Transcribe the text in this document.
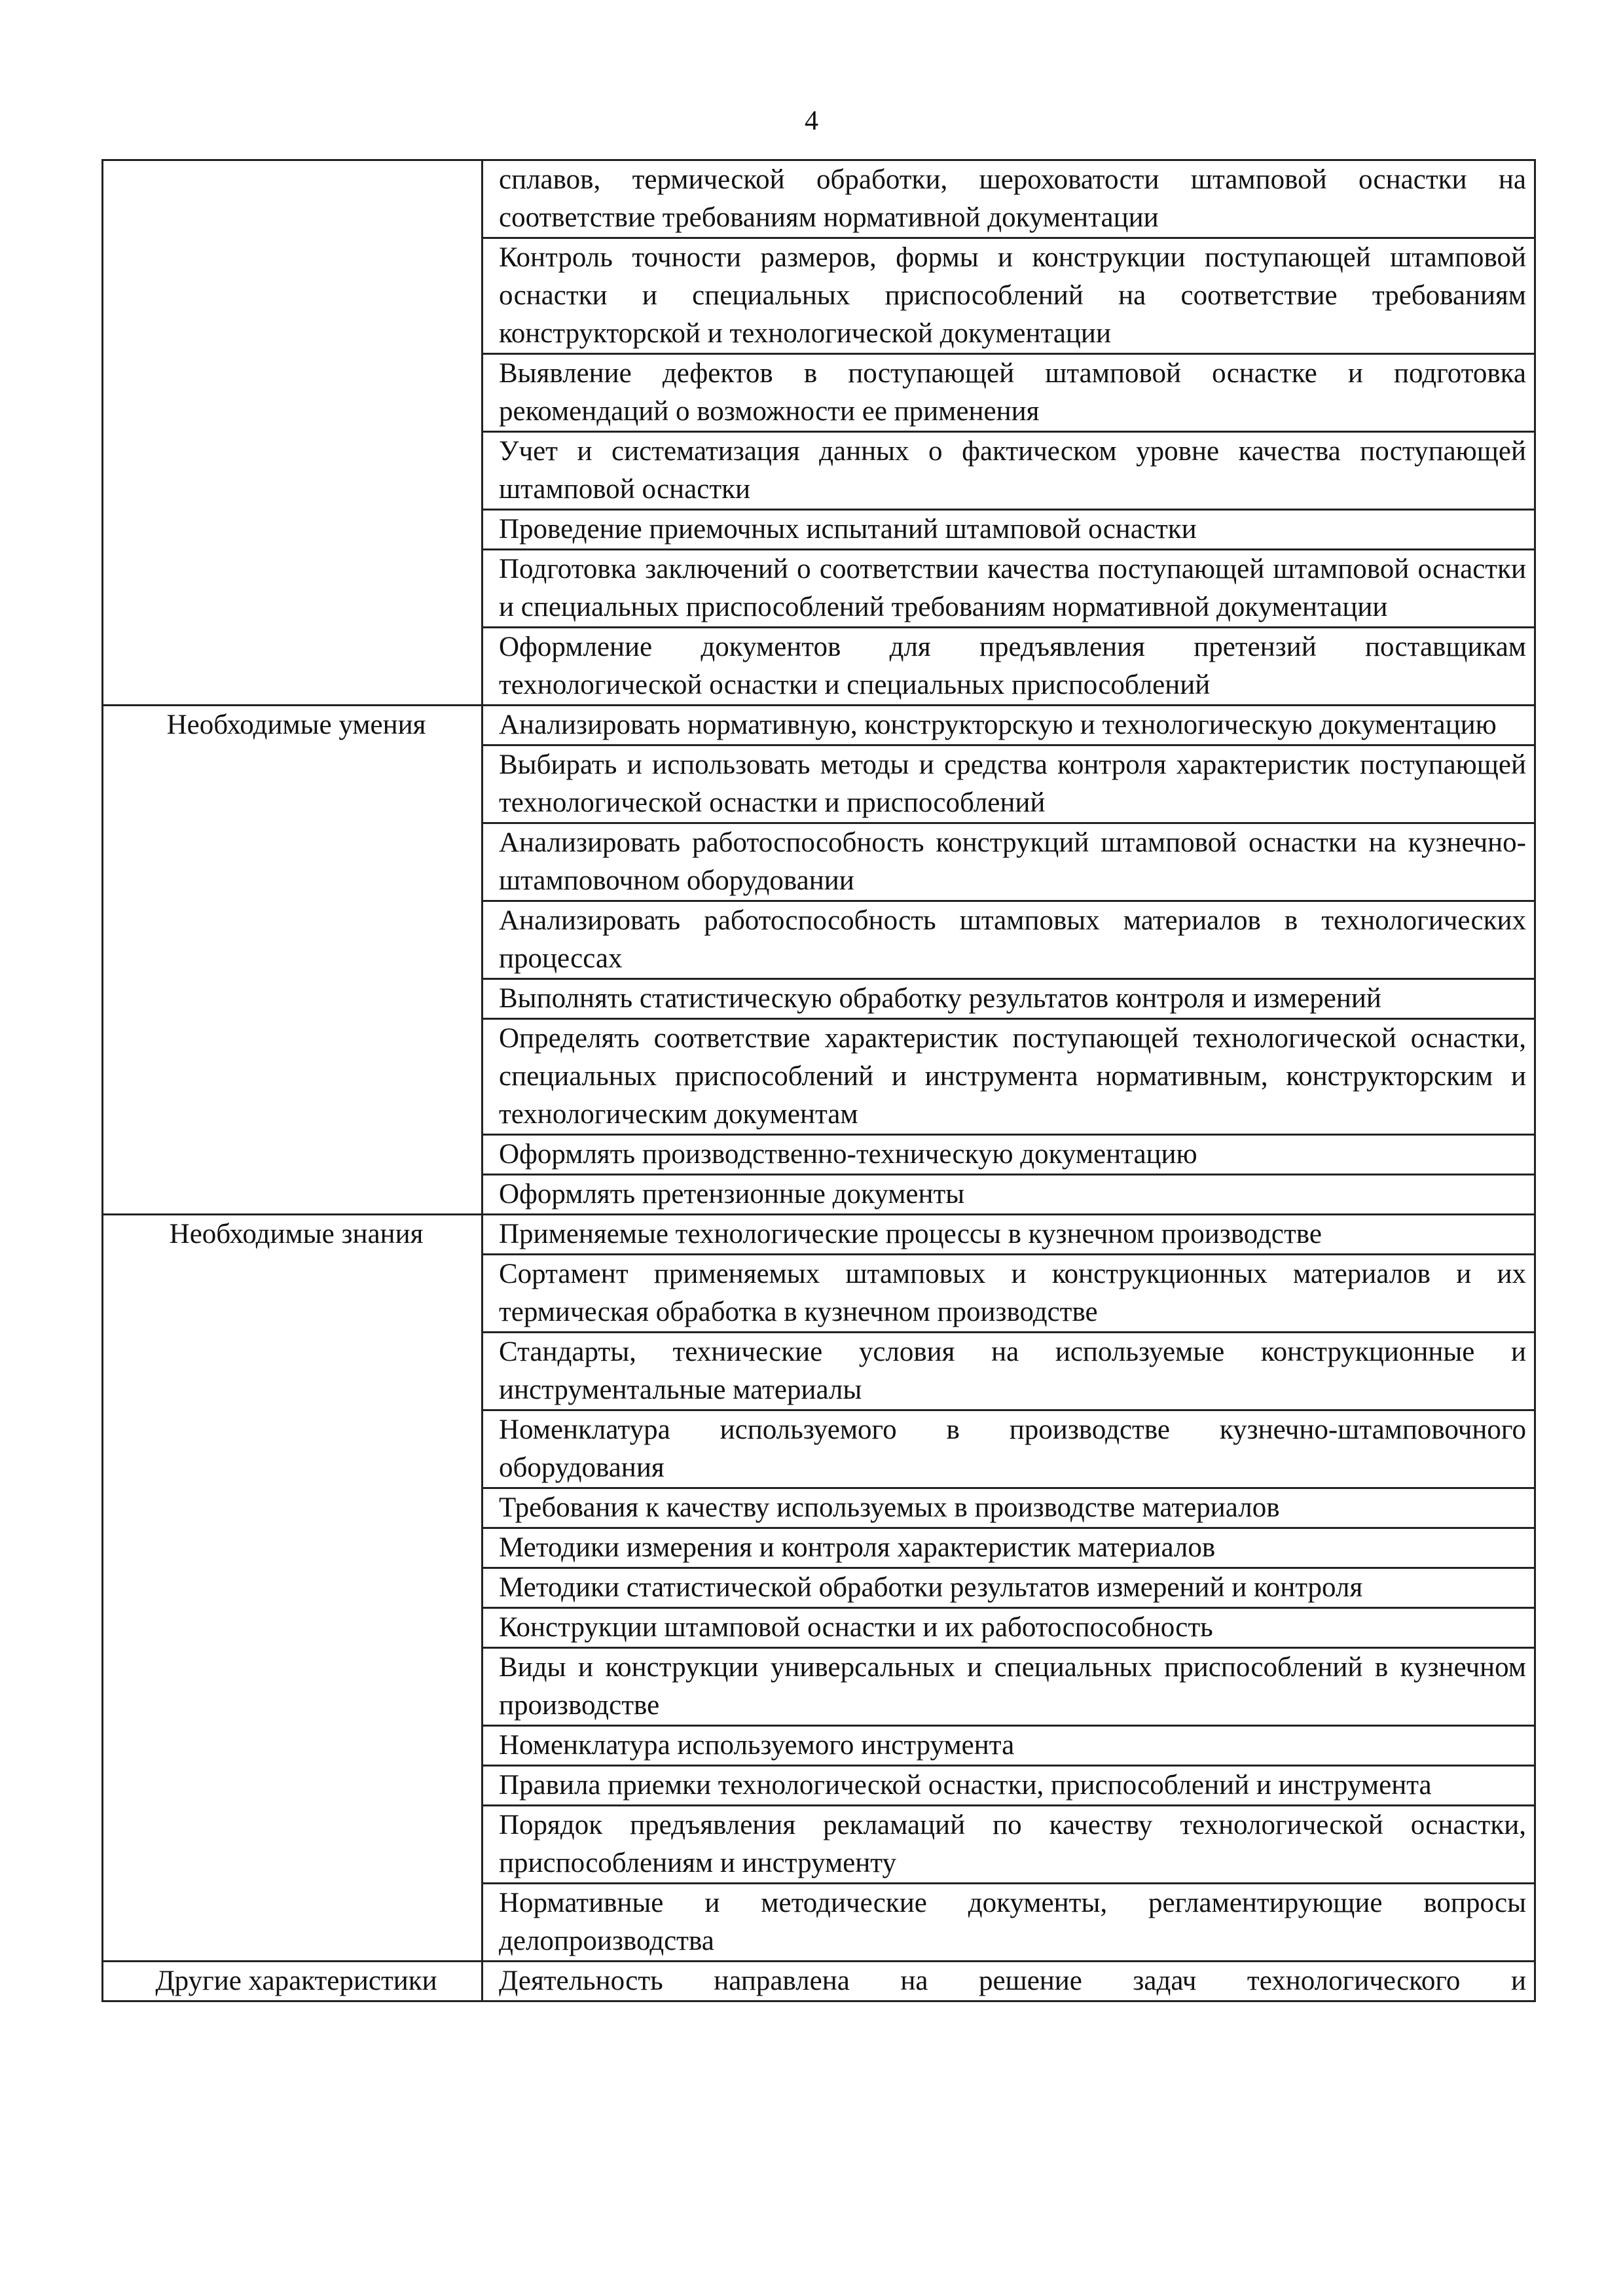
4
	сплавов, термической обработки, шероховатости штамповой оснастки на соответствие требованиям нормативной документации
	Контроль точности размеров, формы и конструкции поступающей штамповой оснастки и специальных приспособлений на соответствие требованиям конструкторской и технологической документации
	Выявление дефектов в поступающей штамповой оснастке и подготовка рекомендаций о возможности ее применения
	Учет и систематизация данных о фактическом уровне качества поступающей штамповой оснастки
	Проведение приемочных испытаний штамповой оснастки
	Подготовка заключений о соответствии качества поступающей штамповой оснастки и специальных приспособлений требованиям нормативной документации
	Оформление документов для предъявления претензий поставщикам технологической оснастки и специальных приспособлений
Необходимые умения	Анализировать нормативную, конструкторскую и технологическую документацию
	Выбирать и использовать методы и средства контроля характеристик поступающей технологической оснастки и приспособлений
	Анализировать работоспособность конструкций штамповой оснастки на кузнечно-штамповочном оборудовании
	Анализировать работоспособность штамповых материалов в технологических процессах
	Выполнять статистическую обработку результатов контроля и измерений
	Определять соответствие характеристик поступающей технологической оснастки, специальных приспособлений и инструмента нормативным, конструкторским и технологическим документам
	Оформлять производственно-техническую документацию
	Оформлять претензионные документы
Необходимые знания	Применяемые технологические процессы в кузнечном производстве
	Сортамент применяемых штамповых и конструкционных материалов и их термическая обработка в кузнечном производстве
	Стандарты, технические условия на используемые конструкционные и инструментальные материалы
	Номенклатура используемого в производстве кузнечно-штамповочного оборудования
	Требования к качеству используемых в производстве материалов
	Методики измерения и контроля характеристик материалов
	Методики статистической обработки результатов измерений и контроля
	Конструкции штамповой оснастки и их работоспособность
	Виды и конструкции универсальных и специальных приспособлений в кузнечном производстве
	Номенклатура используемого инструмента
	Правила приемки технологической оснастки, приспособлений и инструмента
	Порядок предъявления рекламаций по качеству технологической оснастки, приспособлениям и инструменту
	Нормативные и методические документы, регламентирующие вопросы делопроизводства
Другие характеристики	Деятельность направлена на решение задач технологического и
